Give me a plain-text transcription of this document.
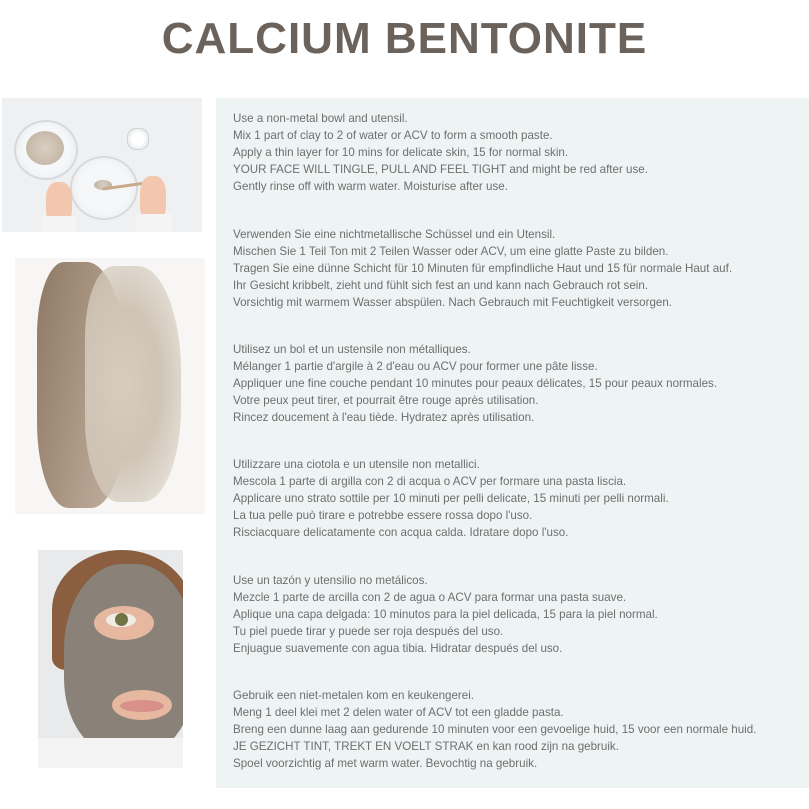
CALCIUM BENTONITE
Use a non-metal bowl and utensil.
Mix 1 part of clay to 2 of water or ACV to form a smooth paste.
Apply a thin layer for 10 mins for delicate skin, 15 for normal skin.
YOUR FACE WILL TINGLE, PULL AND FEEL TIGHT and might be red after use.
Gently rinse off with warm water. Moisturise after use.
Verwenden Sie eine nichtmetallische Schüssel und ein Utensil.
Mischen Sie 1 Teil Ton mit 2 Teilen Wasser oder ACV, um eine glatte Paste zu bilden.
Tragen Sie eine dünne Schicht für 10 Minuten für empfindliche Haut und 15 für normale Haut auf.
Ihr Gesicht kribbelt, zieht und fühlt sich fest an und kann nach Gebrauch rot sein.
Vorsichtig mit warmem Wasser abspülen. Nach Gebrauch mit Feuchtigkeit versorgen.
Utilisez un bol et un ustensile non métalliques.
Mélanger 1 partie d'argile à 2 d'eau ou ACV pour former une pâte lisse.
Appliquer une fine couche pendant 10 minutes pour peaux délicates, 15 pour peaux normales.
Votre peux peut tirer, et pourrait être rouge après utilisation.
Rincez doucement à l'eau tiède. Hydratez après utilisation.
Utilizzare una ciotola e un utensile non metallici.
Mescola 1 parte di argilla con 2 di acqua o ACV per formare una pasta liscia.
Applicare uno strato sottile per 10 minuti per pelli delicate, 15 minuti per pelli normali.
La tua pelle può tirare e potrebbe essere rossa dopo l'uso.
Risciacquare delicatamente con acqua calda. Idratare dopo l'uso.
Use un tazón y utensilio no metálicos.
Mezcle 1 parte de arcilla con 2 de agua o ACV para formar una pasta suave.
Aplique una capa delgada: 10 minutos para la piel delicada, 15 para la piel normal.
Tu piel puede tirar y puede ser roja después del uso.
Enjuague suavemente con agua tibia. Hidratar después del uso.
Gebruik een niet-metalen kom en keukengerei.
Meng 1 deel klei met 2 delen water of ACV tot een gladde pasta.
Breng een dunne laag aan gedurende 10 minuten voor een gevoelige huid, 15 voor een normale huid.
JE GEZICHT TINT, TREKT EN VOELT STRAK en kan rood zijn na gebruik.
Spoel voorzichtig af met warm water. Bevochtig na gebruik.
